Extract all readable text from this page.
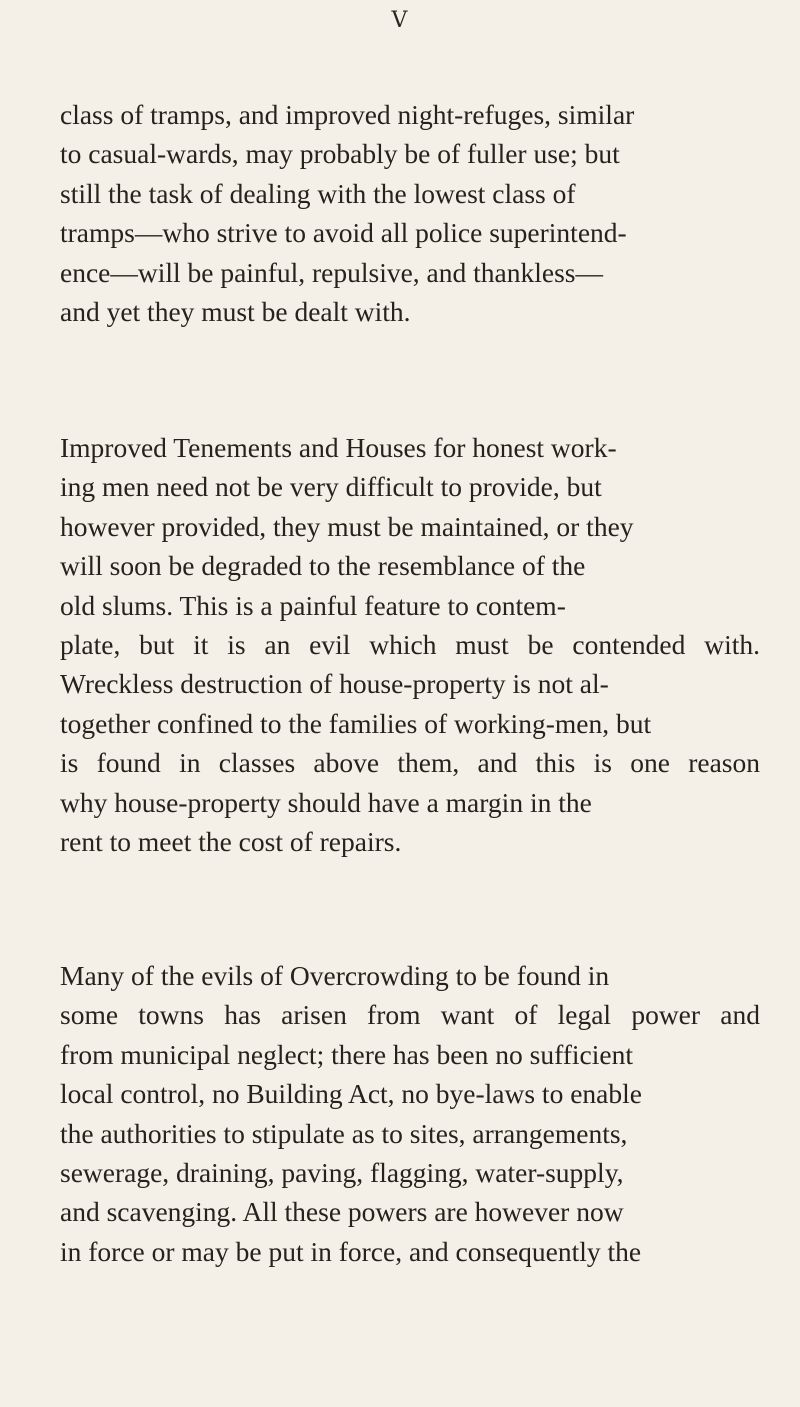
V
class of tramps, and improved night-refuges, similar
to casual-wards, may probably be of fuller use; but
still the task of dealing with the lowest class of
tramps—who strive to avoid all police superintend-
ence—will be painful, repulsive, and thankless—
and yet they must be dealt with.
Improved Tenements and Houses for honest work-
ing men need not be very difficult to provide, but
however provided, they must be maintained, or they
will soon be degraded to the resemblance of the
old slums. This is a painful feature to contem-
plate, but it is an evil which must be contended with.
Wreckless destruction of house-property is not al-
together confined to the families of working-men, but
is found in classes above them, and this is one reason
why house-property should have a margin in the
rent to meet the cost of repairs.
Many of the evils of Overcrowding to be found in
some towns has arisen from want of legal power and
from municipal neglect; there has been no sufficient
local control, no Building Act, no bye-laws to enable
the authorities to stipulate as to sites, arrangements,
sewerage, draining, paving, flagging, water-supply,
and scavenging. All these powers are however now
in force or may be put in force, and consequently the
